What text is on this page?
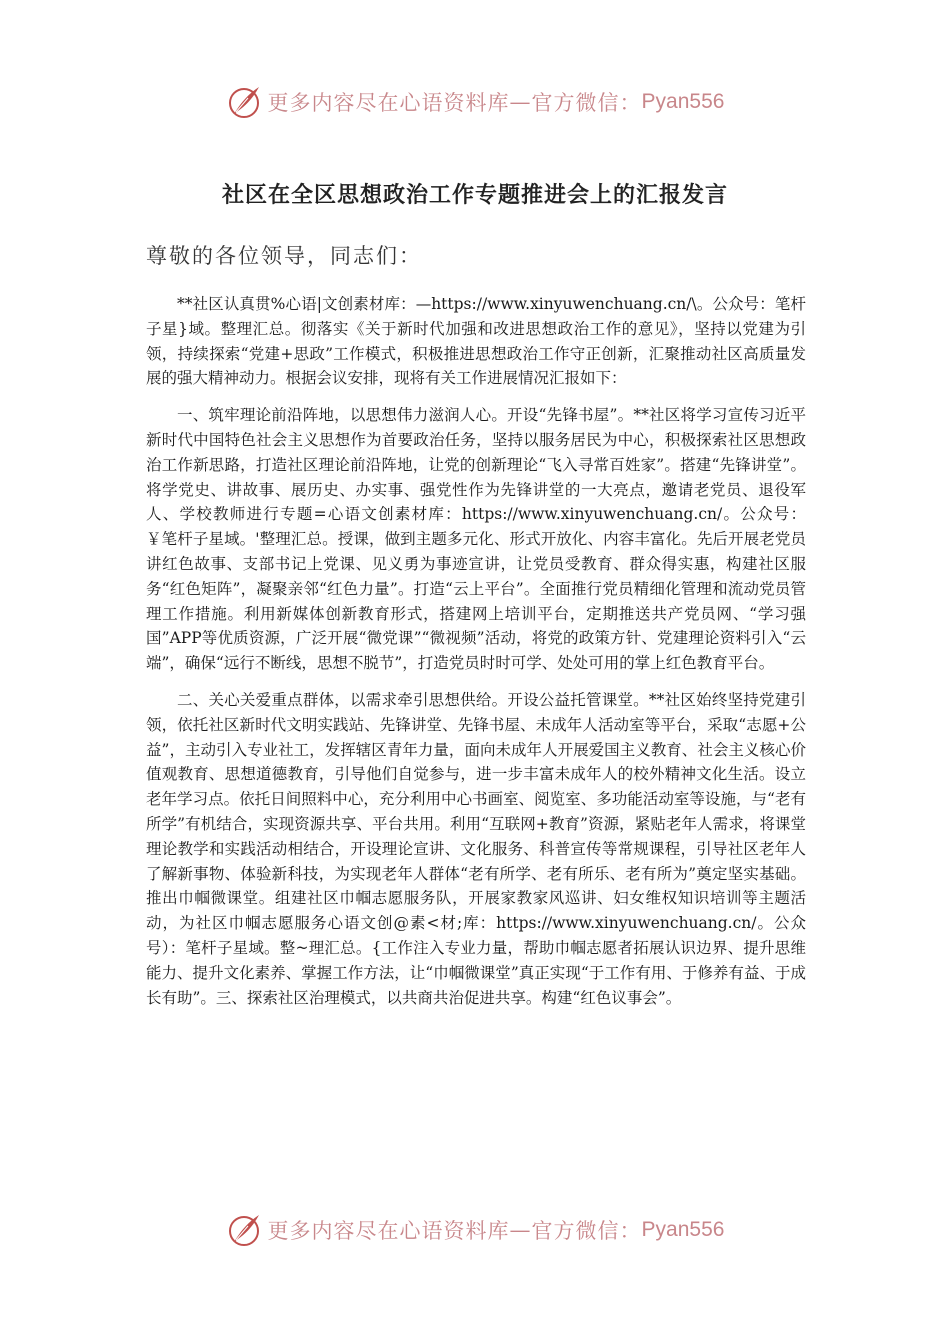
更多内容尽在心语资料库 — 官方微信： Pyan556
社区在全区思想政治工作专题推进会上的汇报发言
尊敬的各位领导，同志们：

**社区认真贯%心语|文创素材库：—https://www.xinyuwenchuang.cn/\。公众号：笔杆子星}域。整理汇总。彻落实《关于新时代加强和改进思想政治工作的意见》，坚持以党建为引领，持续探索“党建+思政”工作模式，积极推进思想政治工作守正创新，汇聚推动社区高质量发展的强大精神动力。根据会议安排，现将有关工作进展情况汇报如下：

一、筑牢理论前沿阵地，以思想伟力滋润人心。开设“先锋书屋”。**社区将学习宣传习近平新时代中国特色社会主义思想作为首要政治任务，坚持以服务居民为中心，积极探索社区思想政治工作新思路，打造社区理论前沿阵地，让党的创新理论“飞入寻常百姓家”。搭建“先锋讲堂”。将学党史、讲故事、展历史、办实事、强党性作为先锋讲堂的一大亮点，邀请老党员、退役军人、学校教师进行专题=心语文创素材库：https://www.xinyuwenchuang.cn/。公众号：￥笔杆子星域。'整理汇总。授课，做到主题多元化、形式开放化、内容丰富化。先后开展老党员讲红色故事、支部书记上党课、见义勇为事迹宣讲，让党员受教育、群众得实惠，构建社区服务“红色矩阵”，凝聚亲邻“红色力量”。打造“云上平台”。全面推行党员精细化管理和流动党员管理工作措施。利用新媒体创新教育形式，搭建网上培训平台，定期推送共产党员网、“学习强国”APP等优质资源，广泛开展“微党课”“微视频”活动，将党的政策方针、党建理论资料引入“云端”，确保“远行不断线，思想不脱节”，打造党员时时可学、处处可用的掌上红色教育平台。

二、关心关爱重点群体，以需求牵引思想供给。开设公益托管课堂。**社区始终坚持党建引领，依托社区新时代文明实践站、先锋讲堂、先锋书屋、未成年人活动室等平台，采取“志愿+公益”，主动引入专业社工，发挥辖区青年力量，面向未成年人开展爱国主义教育、社会主义核心价值观教育、思想道德教育，引导他们自觉参与，进一步丰富未成年人的校外精神文化生活。设立老年学习点。依托日间照料中心，充分利用中心书画室、阅览室、多功能活动室等设施，与“老有所学”有机结合，实现资源共享、平台共用。利用“互联网+教育”资源，紧贴老年人需求，将课堂理论教学和实践活动相结合，开设理论宣讲、文化服务、科普宣传等常规课程，引导社区老年人了解新事物、体验新科技，为实现老年人群体“老有所学、老有所乐、老有所为”奠定坚实基础。推出巾帼微课堂。组建社区巾帼志愿服务队，开展家教家风巡讲、妇女维权知识培训等主题活动，为社区巾帼志愿服务心语文创@素<材;库：https://www.xinyuwenchuang.cn/。公众号）：笔杆子星域。整~理汇总。{工作注入专业力量，帮助巾帼志愿者拓展认识边界、提升思维能力、提升文化素养、掌握工作方法，让“巾帼微课堂”真正实现“于工作有用、于修养有益、于成长有助”。三、探索社区治理模式，以共商共治促进共享。构建“红色议事会”。

更多内容尽在心语资料库 — 官方微信： Pyan556
